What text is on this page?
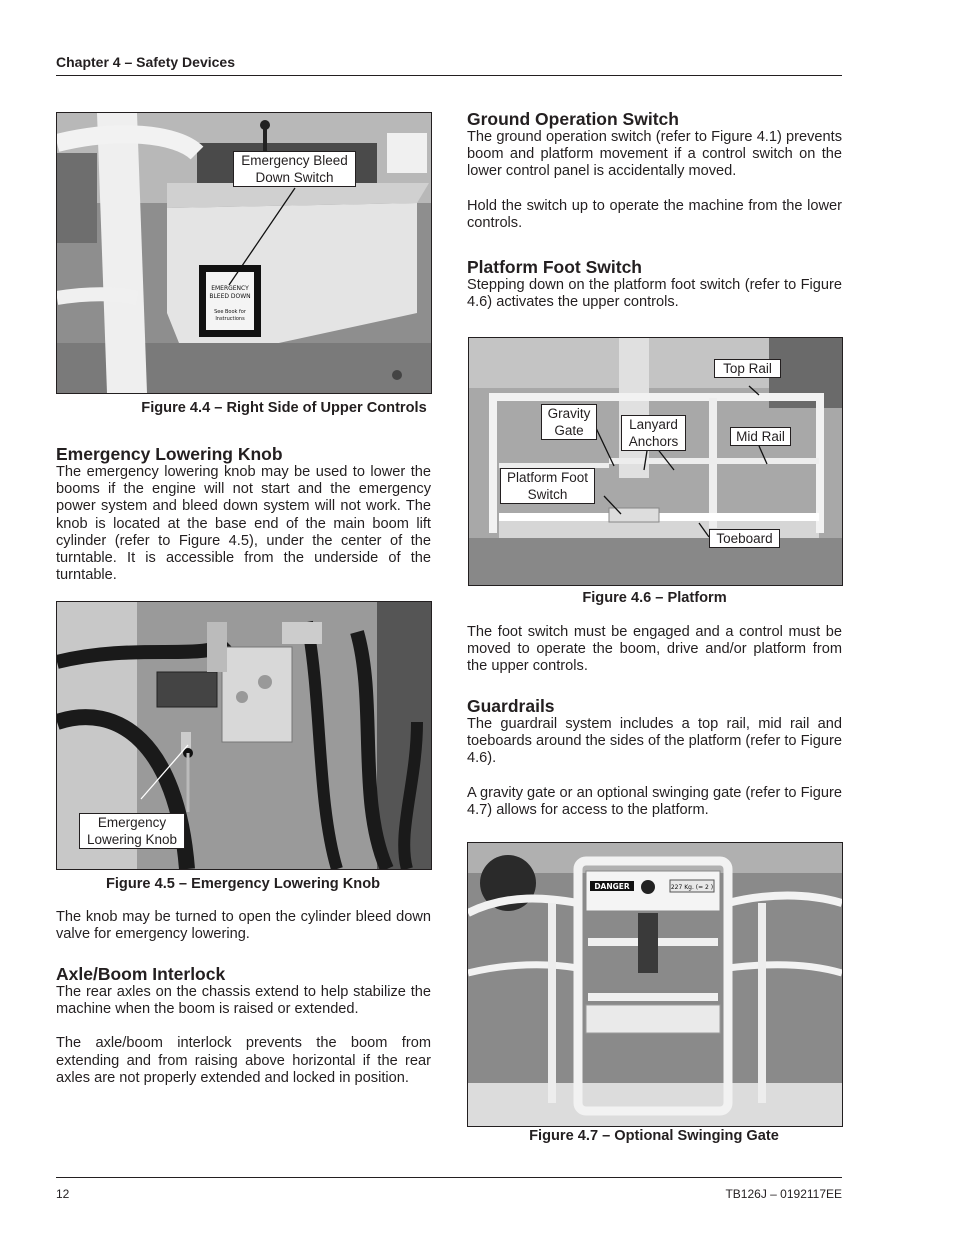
Chapter 4 – Safety Devices
EMERGENCY
BLEED DOWN
See Book for
Instructions
Emergency Bleed
Down Switch
Figure 4.4 – Right Side of Upper Controls
Emergency Lowering Knob

The emergency lowering knob may be used to lower the booms if the engine will not start and the emergency power system and bleed down system will not work. The knob is located at the base end of the main boom lift cylinder (refer to Figure 4.5), under the center of the turntable. It is accessible from the underside of the turntable.

Emergency
Lowering Knob
Figure 4.5 – Emergency Lowering Knob

The knob may be turned to open the cylinder bleed down valve for emergency lowering.

Axle/Boom Interlock

The rear axles on the chassis extend to help stabilize the machine when the boom is raised or extended.

The axle/boom interlock prevents the boom from extending and from raising above horizontal if the rear axles are not properly extended and locked in position.

Ground Operation Switch

The ground operation switch (refer to Figure 4.1) prevents boom and platform movement if a control switch on the lower control panel is accidentally moved.

Hold the switch up to operate the machine from the lower controls.

Platform Foot Switch

Stepping down on the platform foot switch (refer to Figure 4.6) activates the upper controls.

Top Rail
Gravity
Gate	Lanyard
Anchors	Mid Rail
Platform Foot
Switch
Toeboard
Figure 4.6 – Platform

The foot switch must be engaged and a control must be moved to operate the boom, drive and/or platform from the upper controls.

Guardrails

The guardrail system includes a top rail, mid rail and toeboards around the sides of the platform (refer to Figure 4.6).

A gravity gate or an optional swinging gate (refer to Figure 4.7) allows for access to the platform.

DANGER	227 Kg. (= 2 )
Figure 4.7 – Optional Swinging Gate
12	TB126J – 0192117EE
